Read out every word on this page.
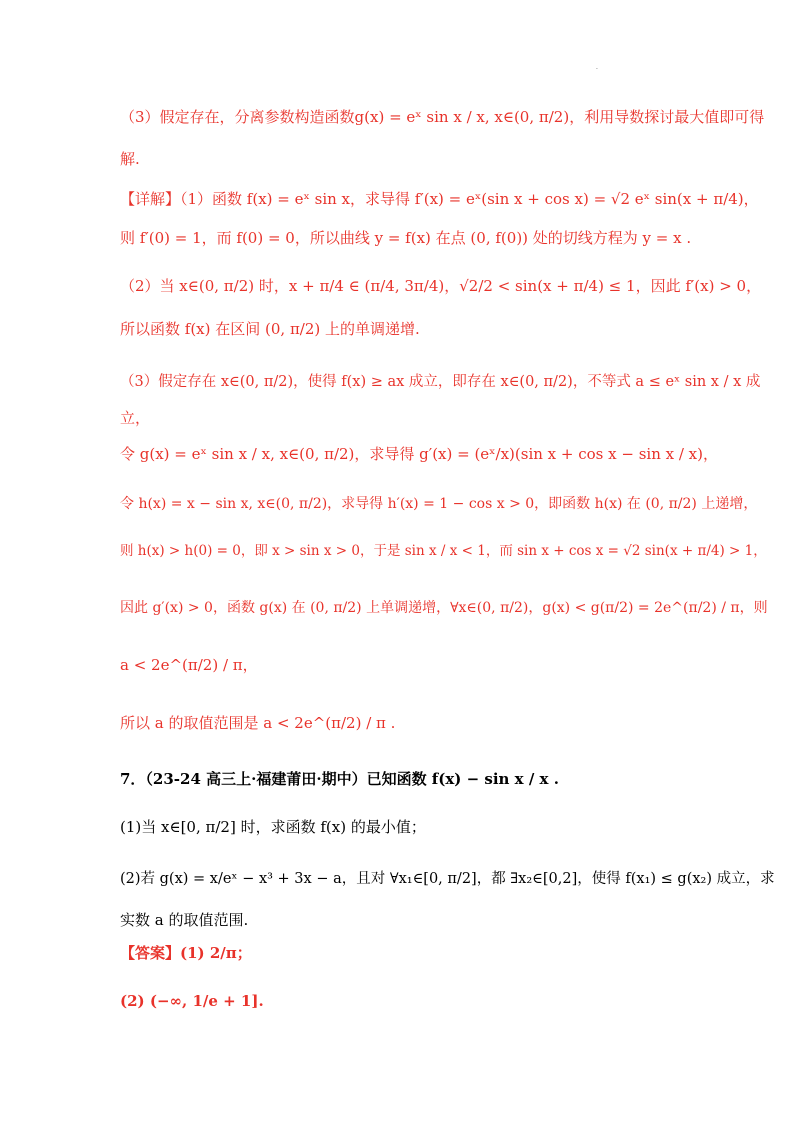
·
（3）假定存在，分离参数构造函数g(x) = eˣ sin x / x, x∈(0, π/2)，利用导数探讨最大值即可得
解.
【详解】（1）函数 f(x) = eˣ sin x，求导得 f′(x) = eˣ(sin x + cos x) = √2 eˣ sin(x + π/4)，
则 f′(0) = 1，而 f(0) = 0，所以曲线 y = f(x) 在点 (0, f(0)) 处的切线方程为 y = x .
（2）当 x∈(0, π/2) 时，x + π/4 ∈ (π/4, 3π/4)，√2/2 < sin(x + π/4) ≤ 1，因此 f′(x) > 0，
所以函数 f(x) 在区间 (0, π/2) 上的单调递增.
（3）假定存在 x∈(0, π/2)，使得 f(x) ≥ ax 成立，即存在 x∈(0, π/2)，不等式 a ≤ eˣ sin x / x 成
立，
令 g(x) = eˣ sin x / x, x∈(0, π/2)，求导得 g′(x) = (eˣ/x)(sin x + cos x − sin x / x)，
令 h(x) = x − sin x, x∈(0, π/2)，求导得 h′(x) = 1 − cos x > 0，即函数 h(x) 在 (0, π/2) 上递增，
则 h(x) > h(0) = 0，即 x > sin x > 0，于是 sin x / x < 1，而 sin x + cos x = √2 sin(x + π/4) > 1，
因此 g′(x) > 0，函数 g(x) 在 (0, π/2) 上单调递增，∀x∈(0, π/2)，g(x) < g(π/2) = 2e^(π/2) / π，则
a < 2e^(π/2) / π，
所以 a 的取值范围是 a < 2e^(π/2) / π .
7．（23-24 高三上·福建莆田·期中）已知函数 f(x) − sin x / x .
(1)当 x∈[0, π/2] 时，求函数 f(x) 的最小值；
(2)若 g(x) = x/eˣ − x³ + 3x − a，且对 ∀x₁∈[0, π/2]，都 ∃x₂∈[0,2]，使得 f(x₁) ≤ g(x₂) 成立，求
实数 a 的取值范围.
【答案】(1) 2/π；
(2) (−∞, 1/e + 1].
